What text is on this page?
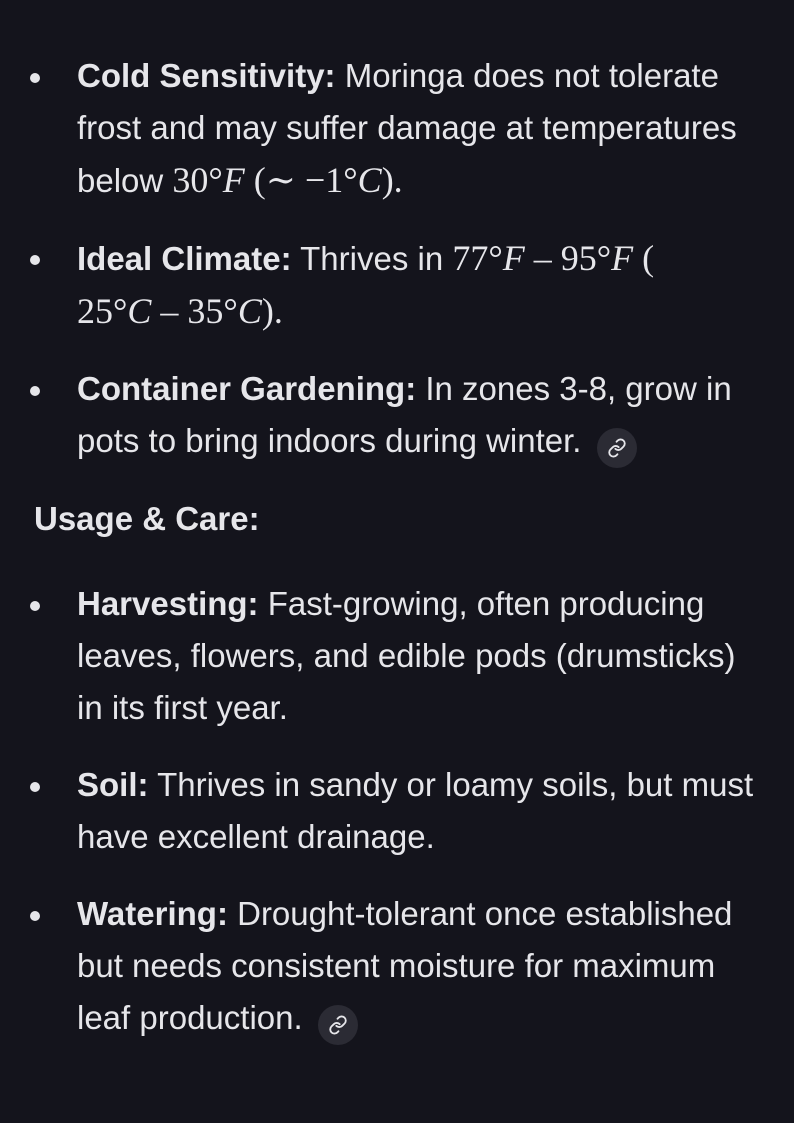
Cold Sensitivity: Moringa does not tolerate frost and may suffer damage at temperatures below 30°F (∼ −1°C).
Ideal Climate: Thrives in 77°F – 95°F (
25°C – 35°C).
Container Gardening: In zones 3-8, grow in pots to bring indoors during winter.
Usage & Care:
Harvesting: Fast-growing, often producing leaves, flowers, and edible pods (drumsticks) in its first year.
Soil: Thrives in sandy or loamy soils, but must have excellent drainage.
Watering: Drought-tolerant once established but needs consistent moisture for maximum leaf production.
